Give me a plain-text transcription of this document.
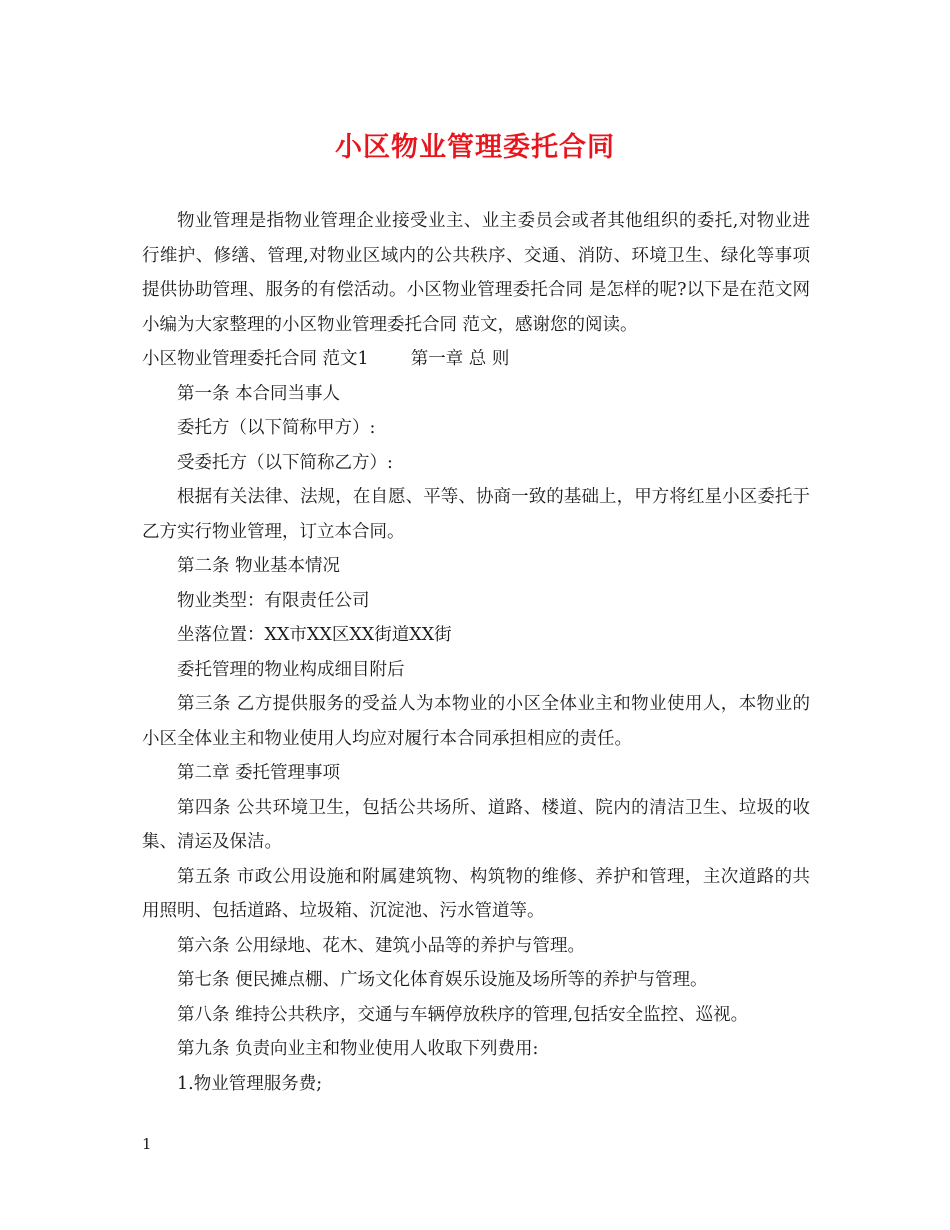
小区物业管理委托合同

物业管理是指物业管理企业接受业主、业主委员会或者其他组织的委托,对物业进行维护、修缮、管理,对物业区域内的公共秩序、交通、消防、环境卫生、绿化等事项提供协助管理、服务的有偿活动。小区物业管理委托合同 是怎样的呢?以下是在范文网小编为大家整理的小区物业管理委托合同 范文，感谢您的阅读。

小区物业管理委托合同 范文1 第一章 总 则

第一条 本合同当事人

委托方（以下简称甲方）:

受委托方（以下简称乙方）:

根据有关法律、法规，在自愿、平等、协商一致的基础上，甲方将红星小区委托于乙方实行物业管理，订立本合同。

第二条 物业基本情况

物业类型：有限责任公司

坐落位置：XX市XX区XX街道XX街

委托管理的物业构成细目附后

第三条 乙方提供服务的受益人为本物业的小区全体业主和物业使用人，本物业的小区全体业主和物业使用人均应对履行本合同承担相应的责任。

第二章 委托管理事项

第四条 公共环境卫生，包括公共场所、道路、楼道、院内的清洁卫生、垃圾的收集、清运及保洁。

第五条 市政公用设施和附属建筑物、构筑物的维修、养护和管理，主次道路的共用照明、包括道路、垃圾箱、沉淀池、污水管道等。

第六条 公用绿地、花木、建筑小品等的养护与管理。

第七条 便民摊点棚、广场文化体育娱乐设施及场所等的养护与管理。

第八条 维持公共秩序，交通与车辆停放秩序的管理,包括安全监控、巡视。

第九条 负责向业主和物业使用人收取下列费用:

1.物业管理服务费;

1
